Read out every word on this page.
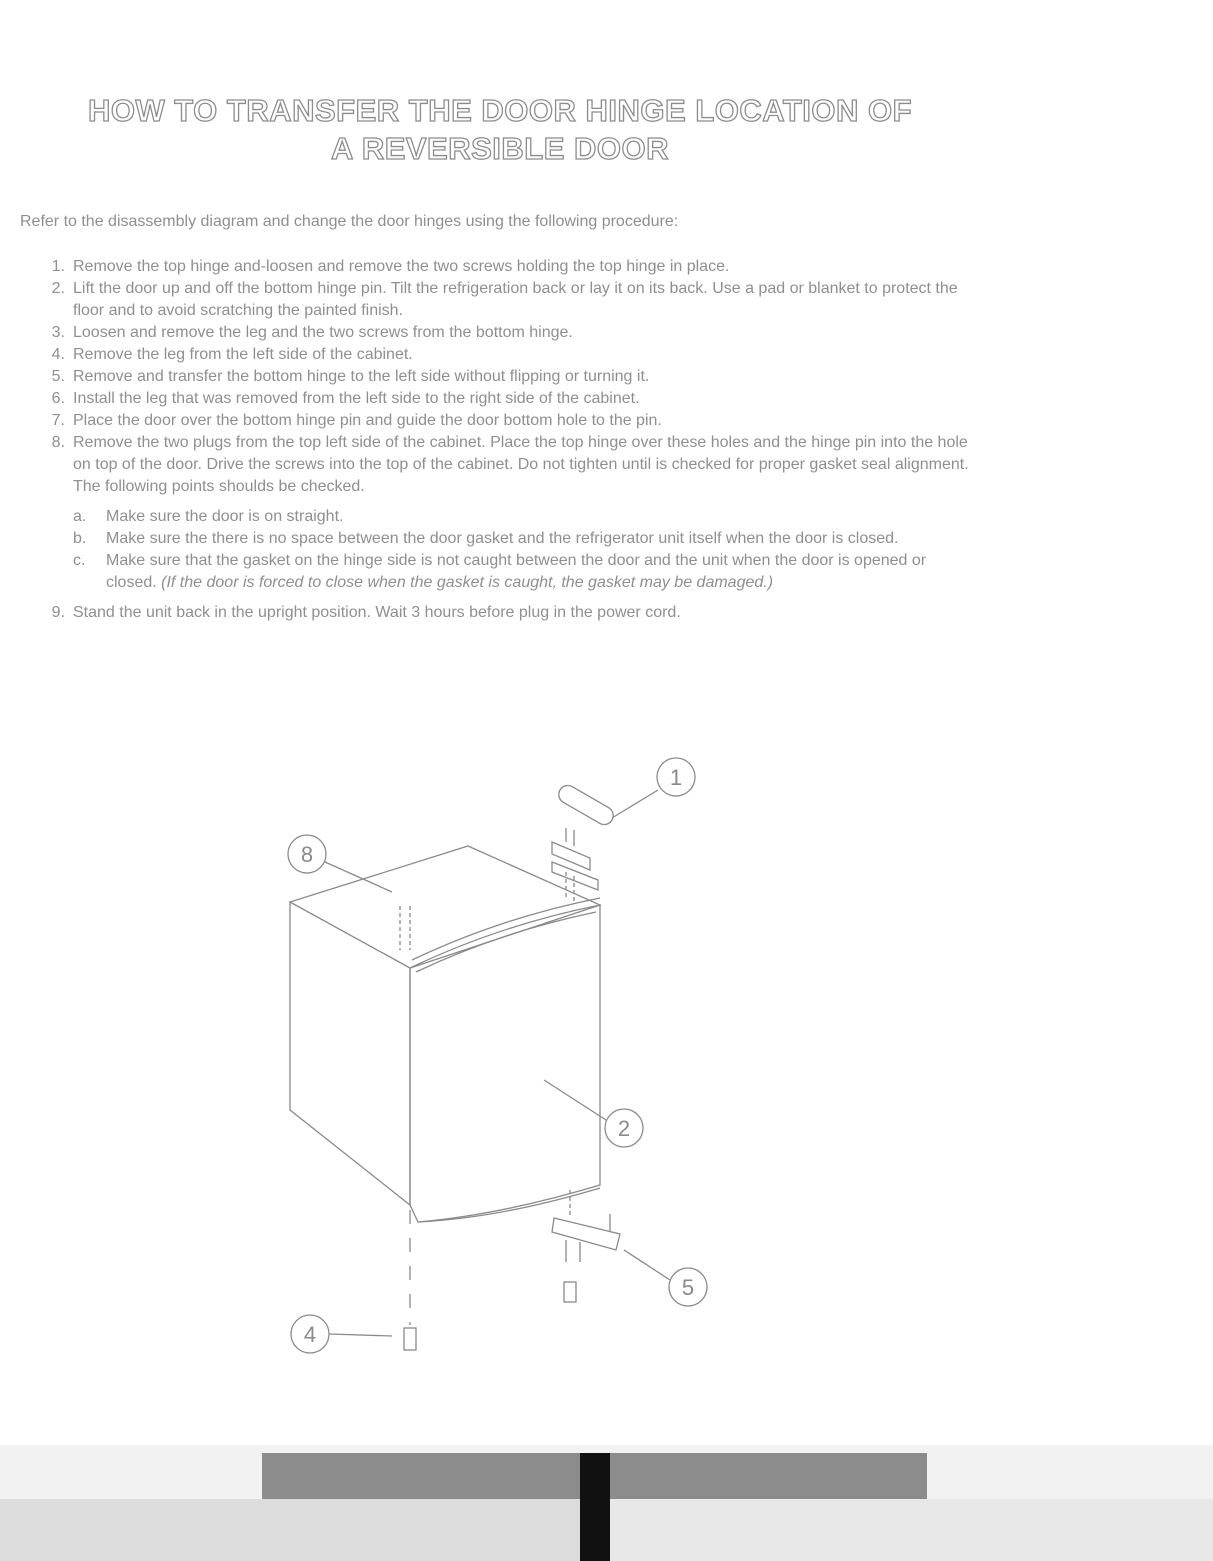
HOW TO TRANSFER THE DOOR HINGE LOCATION OF
A REVERSIBLE DOOR
Refer to the disassembly diagram and change the door hinges using the following procedure:
1. Remove the top hinge and-loosen and remove the two screws holding the top hinge in place.
2. Lift the door up and off the bottom hinge pin. Tilt the refrigeration back or lay it on its back. Use a pad or blanket to protect the floor and to avoid scratching the painted finish.
3. Loosen and remove the leg and the two screws from the bottom hinge.
4. Remove the leg from the left side of the cabinet.
5. Remove and transfer the bottom hinge to the left side without flipping or turning it.
6. Install the leg that was removed from the left side to the right side of the cabinet.
7. Place the door over the bottom hinge pin and guide the door bottom hole to the pin.
8. Remove the two plugs from the top left side of the cabinet. Place the top hinge over these holes and the hinge pin into the hole on top of the door. Drive the screws into the top of the cabinet. Do not tighten until is checked for proper gasket seal alignment. The following points shoulds be checked.
a. Make sure the door is on straight.
b. Make sure the there is no space between the door gasket and the refrigerator unit itself when the door is closed.
c. Make sure that the gasket on the hinge side is not caught between the door and the unit when the door is opened or closed. (If the door is forced to close when the gasket is caught, the gasket may be damaged.)
9. Stand the unit back in the upright position. Wait 3 hours before plug in the power cord.
1
8
2
5
4
